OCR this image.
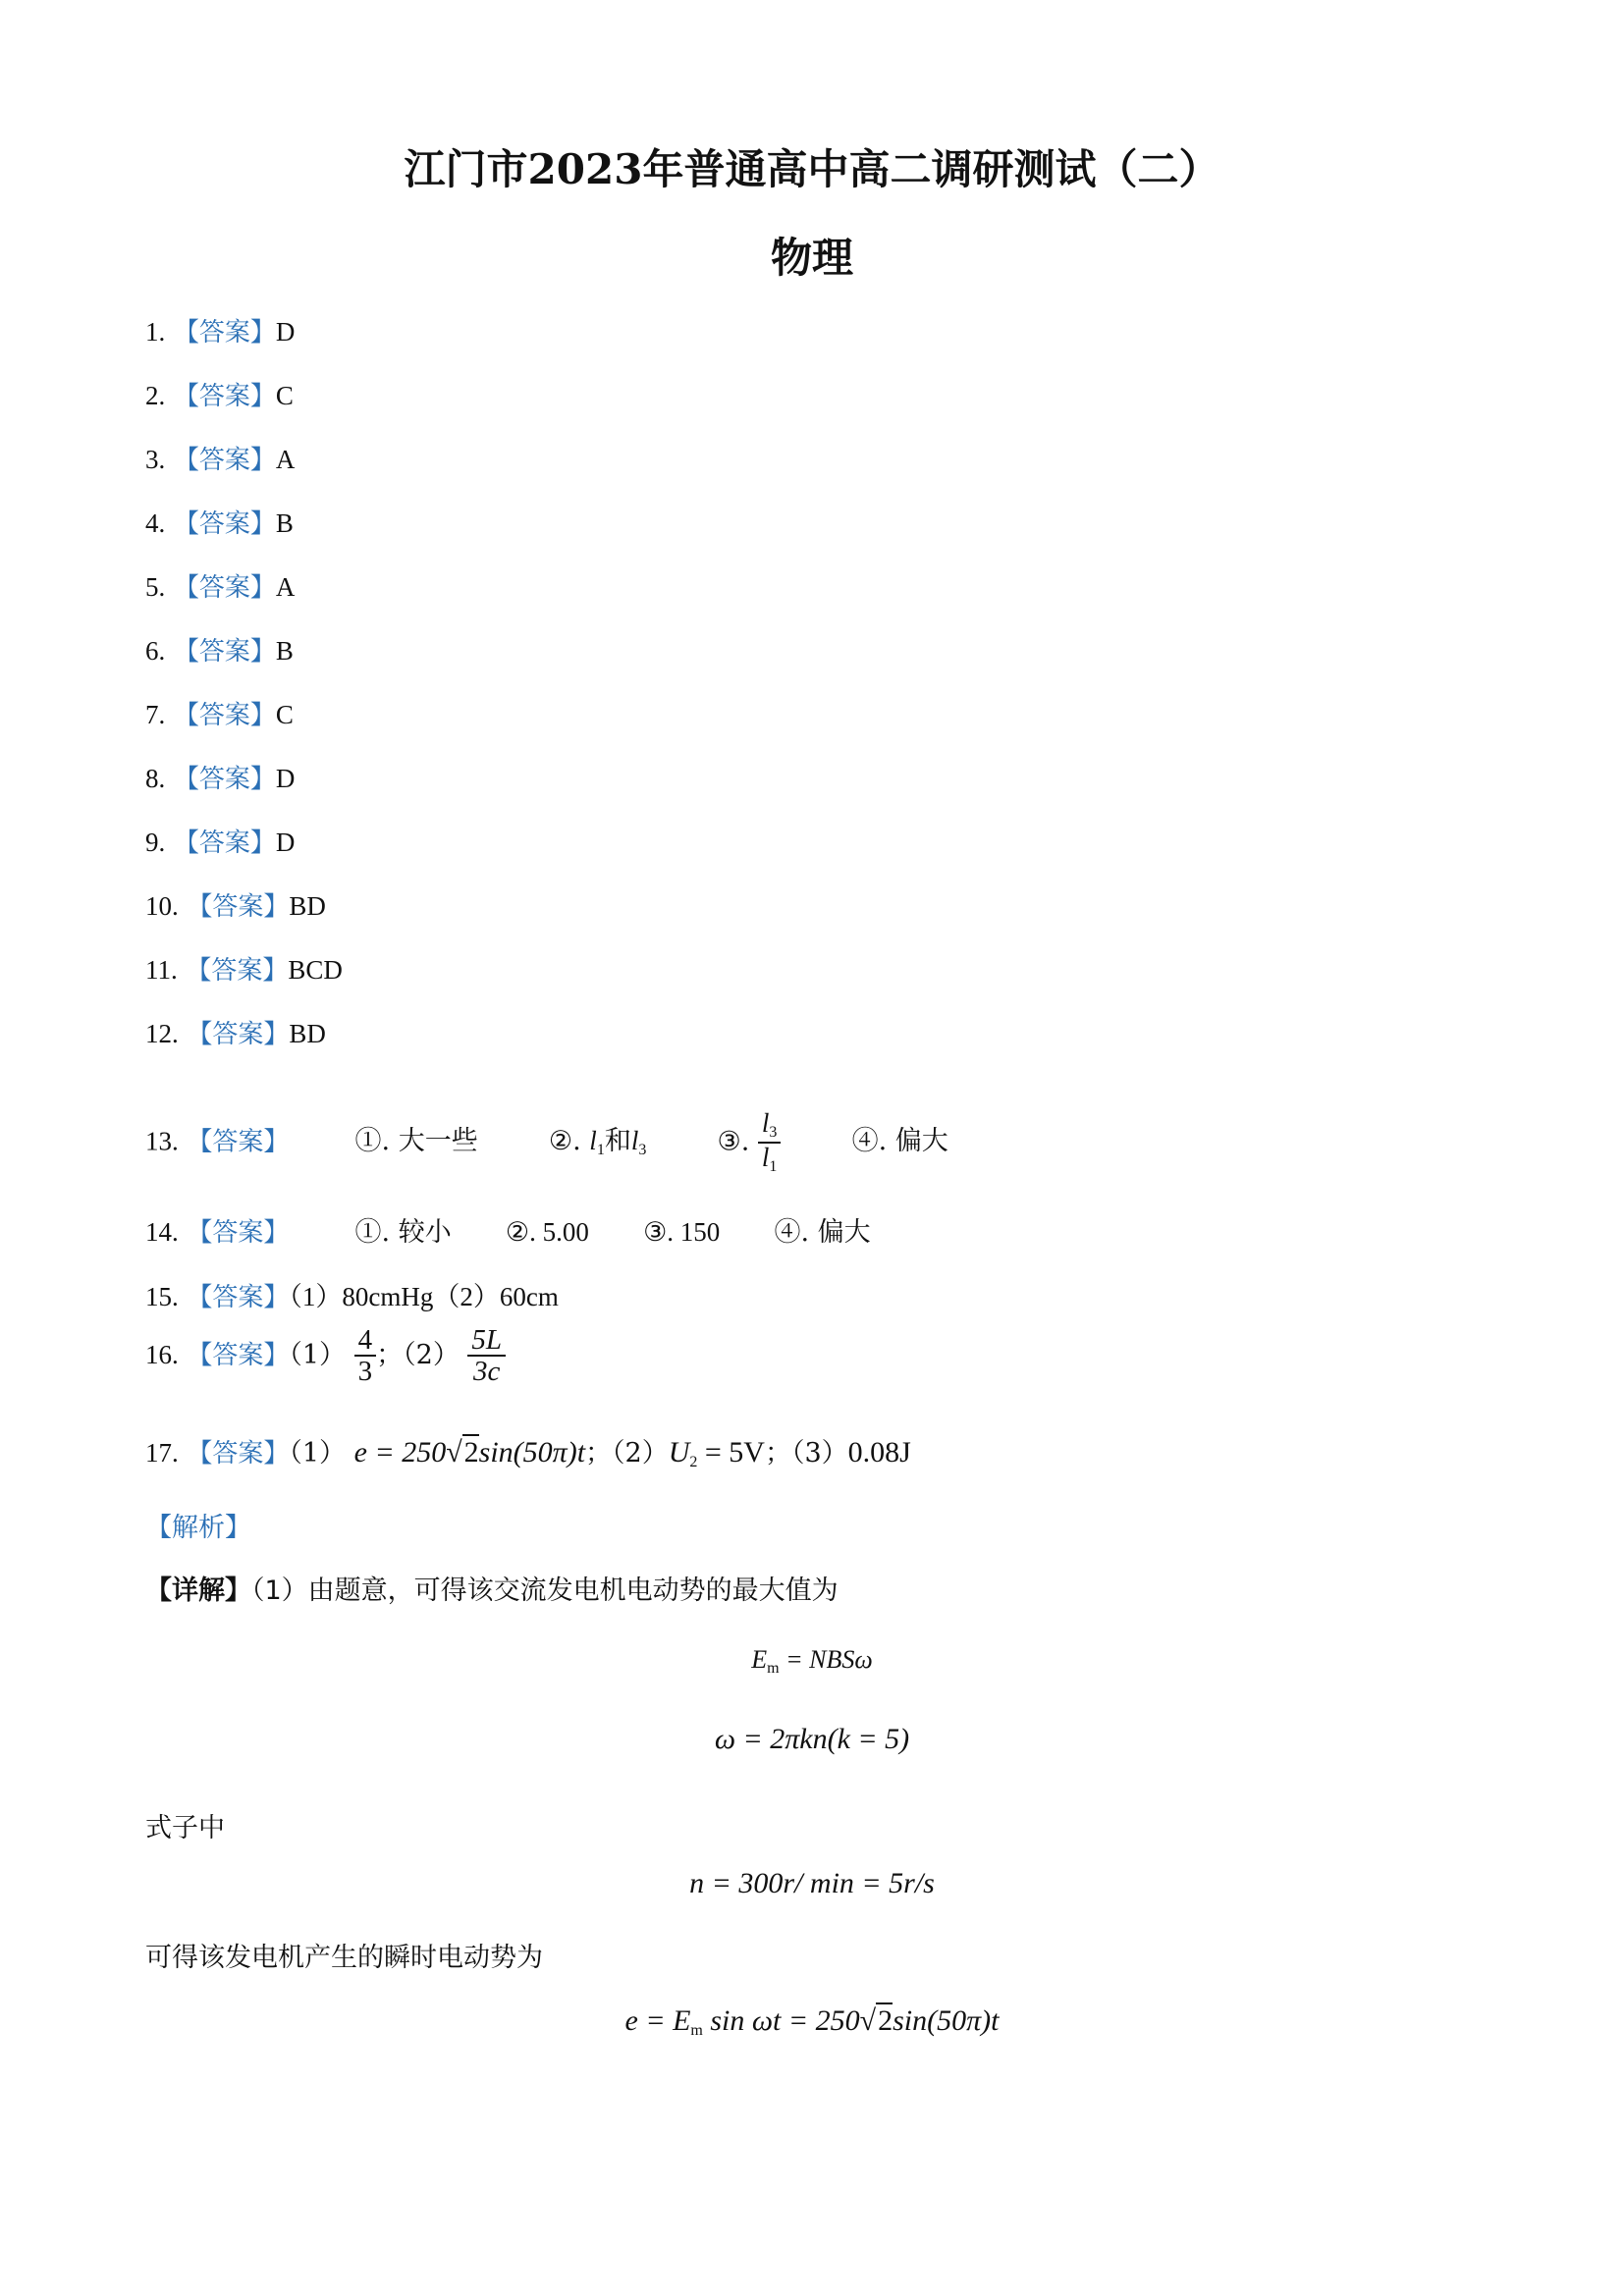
江门市2023年普通高中高二调研测试（二）
物理
1. 【答案】D
2. 【答案】C
3. 【答案】A
4. 【答案】B
5. 【答案】A
6. 【答案】B
7. 【答案】C
8. 【答案】D
9. 【答案】D
10. 【答案】BD
11. 【答案】BCD
12. 【答案】BD
13. 【答案】 ①. 大一些	②. $l_1$和$l_3$	③. $\frac{l_3}{l_1}$	④. 偏大
14. 【答案】 ①. 较小 ②. 5.00 ③. 150 ④. 偏大
15. 【答案】（1）80cmHg（2）60cm
16. 【答案】$(1) \frac{4}{3}$ ；$(2) \frac{5L}{3c}$
17. 【答案】（1） e = 250√2sin(50π)t；$(2)U_2 = 5V$；（3）0.08J
【解析】
【详解】（1）由题意，可得该交流发电机电动势的最大值为
$E_m = NBS\omega$
ω = 2πkn(k = 5)
式子中
n = 300r/ min = 5r/s
可得该发电机产生的瞬时电动势为
$e = E_m$ sin ωt = 250√2sin(50π)t
